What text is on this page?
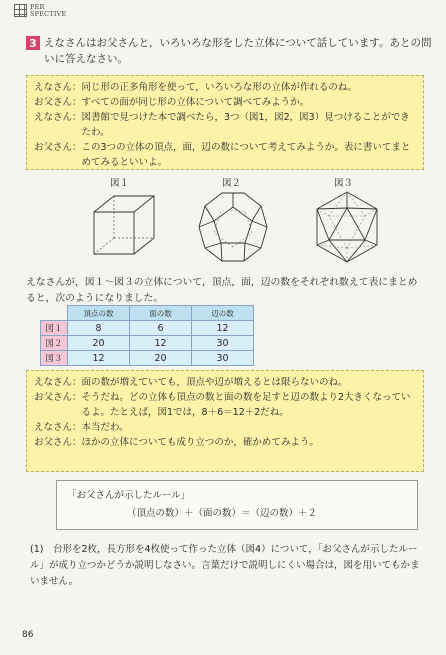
PER
SPECTIVE
3 えなさんはお父さんと，いろいろな形をした立体について話しています。あとの問いに答えなさい。
えなさん： 同じ形の正多角形を使って，いろいろな形の立体が作れるのね。
お父さん： すべての面が同じ形の立体について調べてみようか。
えなさん： 図書館で見つけた本で調べたら，3つ（図1，図2，図3）見つけることができたわ。
お父さん： この3つの立体の頂点，面，辺の数について考えてみようか。表に書いてまとめてみるといいよ。
図１	図２	図３
えなさんが，図１～図３の立体について，頂点，面，辺の数をそれぞれ数えて表にまとめると，次のようになりました。
	頂点の数	面の数	辺の数
図１	8	6	12
図２	20	12	30
図３	12	20	30
えなさん： 面の数が増えていても，頂点や辺が増えるとは限らないのね。
お父さん： そうだね。どの立体も頂点の数と面の数を足すと辺の数より2大きくなっているよ。たとえば，図1では，8＋6＝12＋2だね。
えなさん： 本当だわ。
お父さん： ほかの立体についても成り立つのか，確かめてみよう。
「お父さんが示したルール」
（頂点の数）＋（面の数）＝（辺の数）＋２
(1)　台形を2枚，長方形を4枚使って作った立体（図4）について，「お父さんが示したルール」が成り立つかどうか説明しなさい。言葉だけで説明しにくい場合は，図を用いてもかまいません。
86
